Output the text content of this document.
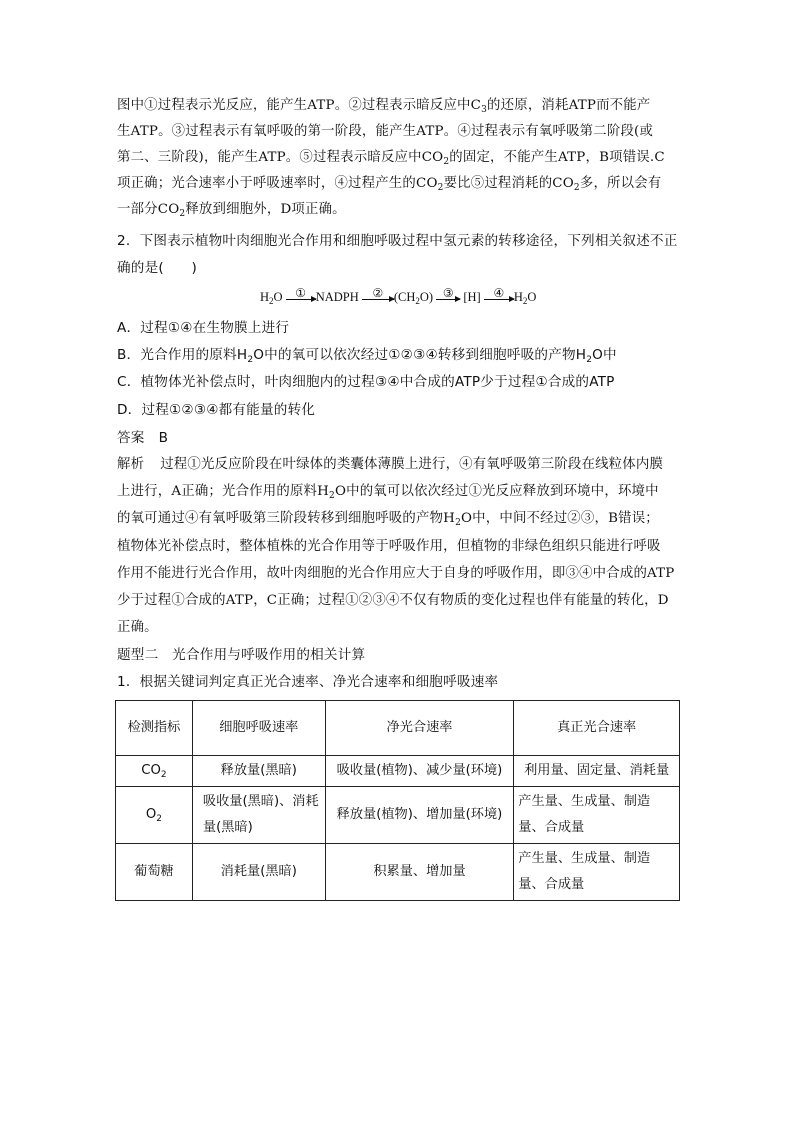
图中①过程表示光反应，能产生ATP。②过程表示暗反应中$C_3$的还原，消耗ATP而不能产
生ATP。③过程表示有氧呼吸的第一阶段，能产生ATP。④过程表示有氧呼吸第二阶段(或
第二、三阶段)，能产生ATP。⑤过程表示暗反应中$CO_2$的固定，不能产生ATP，B项错误.C
项正确；光合速率小于呼吸速率时，④过程产生的$CO_2$要比⑤过程消耗的$CO_2$多，所以会有
一部分$CO_2$释放到细胞外，D项正确。
2．下图表示植物叶肉细胞光合作用和细胞呼吸过程中氢元素的转移途径，下列相关叙述不正
确的是(　　)
$H_2O$	① NADPH	② $(CH_2O)$ ③ [H]	④ $H_2O$
A．过程①④在生物膜上进行
B．光合作用的原料$H_2O$中的氧可以依次经过①②③④转移到细胞呼吸的产物$H_2O$中
C．植物体光补偿点时，叶肉细胞内的过程③④中合成的ATP少于过程①合成的ATP
D．过程①②③④都有能量的转化
答案 B
解析 过程①光反应阶段在叶绿体的类囊体薄膜上进行，④有氧呼吸第三阶段在线粒体内膜
上进行，A正确；光合作用的原料$H_2O$中的氧可以依次经过①光反应释放到环境中，环境中
的氧可通过④有氧呼吸第三阶段转移到细胞呼吸的产物$H_2O$中，中间不经过②③，B错误；
植物体光补偿点时，整体植株的光合作用等于呼吸作用，但植物的非绿色组织只能进行呼吸
作用不能进行光合作用，故叶肉细胞的光合作用应大于自身的呼吸作用，即③④中合成的ATP
少于过程①合成的ATP，C正确；过程①②③④不仅有物质的变化过程也伴有能量的转化，D
正确。
题型二　光合作用与呼吸作用的相关计算
1．根据关键词判定真正光合速率、净光合速率和细胞呼吸速率
检测指标	细胞呼吸速率	净光合速率	真正光合速率
$CO_2$	释放量(黑暗)	吸收量(植物)、减少量(环境)	利用量、固定量、消耗量
$O_2$	吸收量(黑暗)、消耗量(黑暗)	释放量(植物)、增加量(环境)	产生量、生成量、制造量、合成量
葡萄糖	消耗量(黑暗)	积累量、增加量	产生量、生成量、制造量、合成量
